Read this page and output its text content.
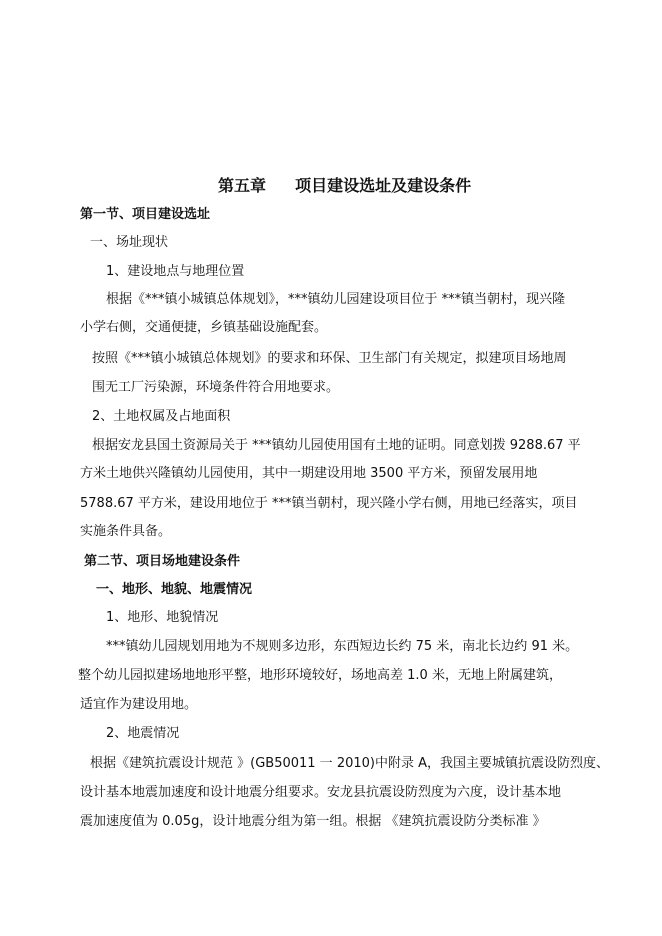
第五章 项目建设选址及建设条件
第一节、项目建设选址
一、场址现状
1、建设地点与地理位置
根据《***镇小城镇总体规划》，***镇幼儿园建设项目位于 ***镇当朝村，现兴隆
小学右侧，交通便捷，乡镇基础设施配套。
按照《***镇小城镇总体规划》的要求和环保、卫生部门有关规定，拟建项目场地周
围无工厂污染源，环境条件符合用地要求。
2、土地权属及占地面积
根据安龙县国土资源局关于 ***镇幼儿园使用国有土地的证明。同意划拨 9288.67 平
方米土地供兴隆镇幼儿园使用，其中一期建设用地 3500 平方米，预留发展用地
5788.67 平方米，建设用地位于 ***镇当朝村，现兴隆小学右侧，用地已经落实，项目
实施条件具备。
第二节、项目场地建设条件
一、地形、地貌、地震情况
1、地形、地貌情况
***镇幼儿园规划用地为不规则多边形，东西短边长约 75 米，南北长边约 91 米。
整个幼儿园拟建场地地形平整，地形环境较好，场地高差 1.0 米，无地上附属建筑，
适宜作为建设用地。
2、地震情况
根据《建筑抗震设计规范 》(GB50011 一 2010)中附录 A，我国主要城镇抗震设防烈度、
设计基本地震加速度和设计地震分组要求。安龙县抗震设防烈度为六度，设计基本地
震加速度值为 0.05g，设计地震分组为第一组。根据 《建筑抗震设防分类标准 》
